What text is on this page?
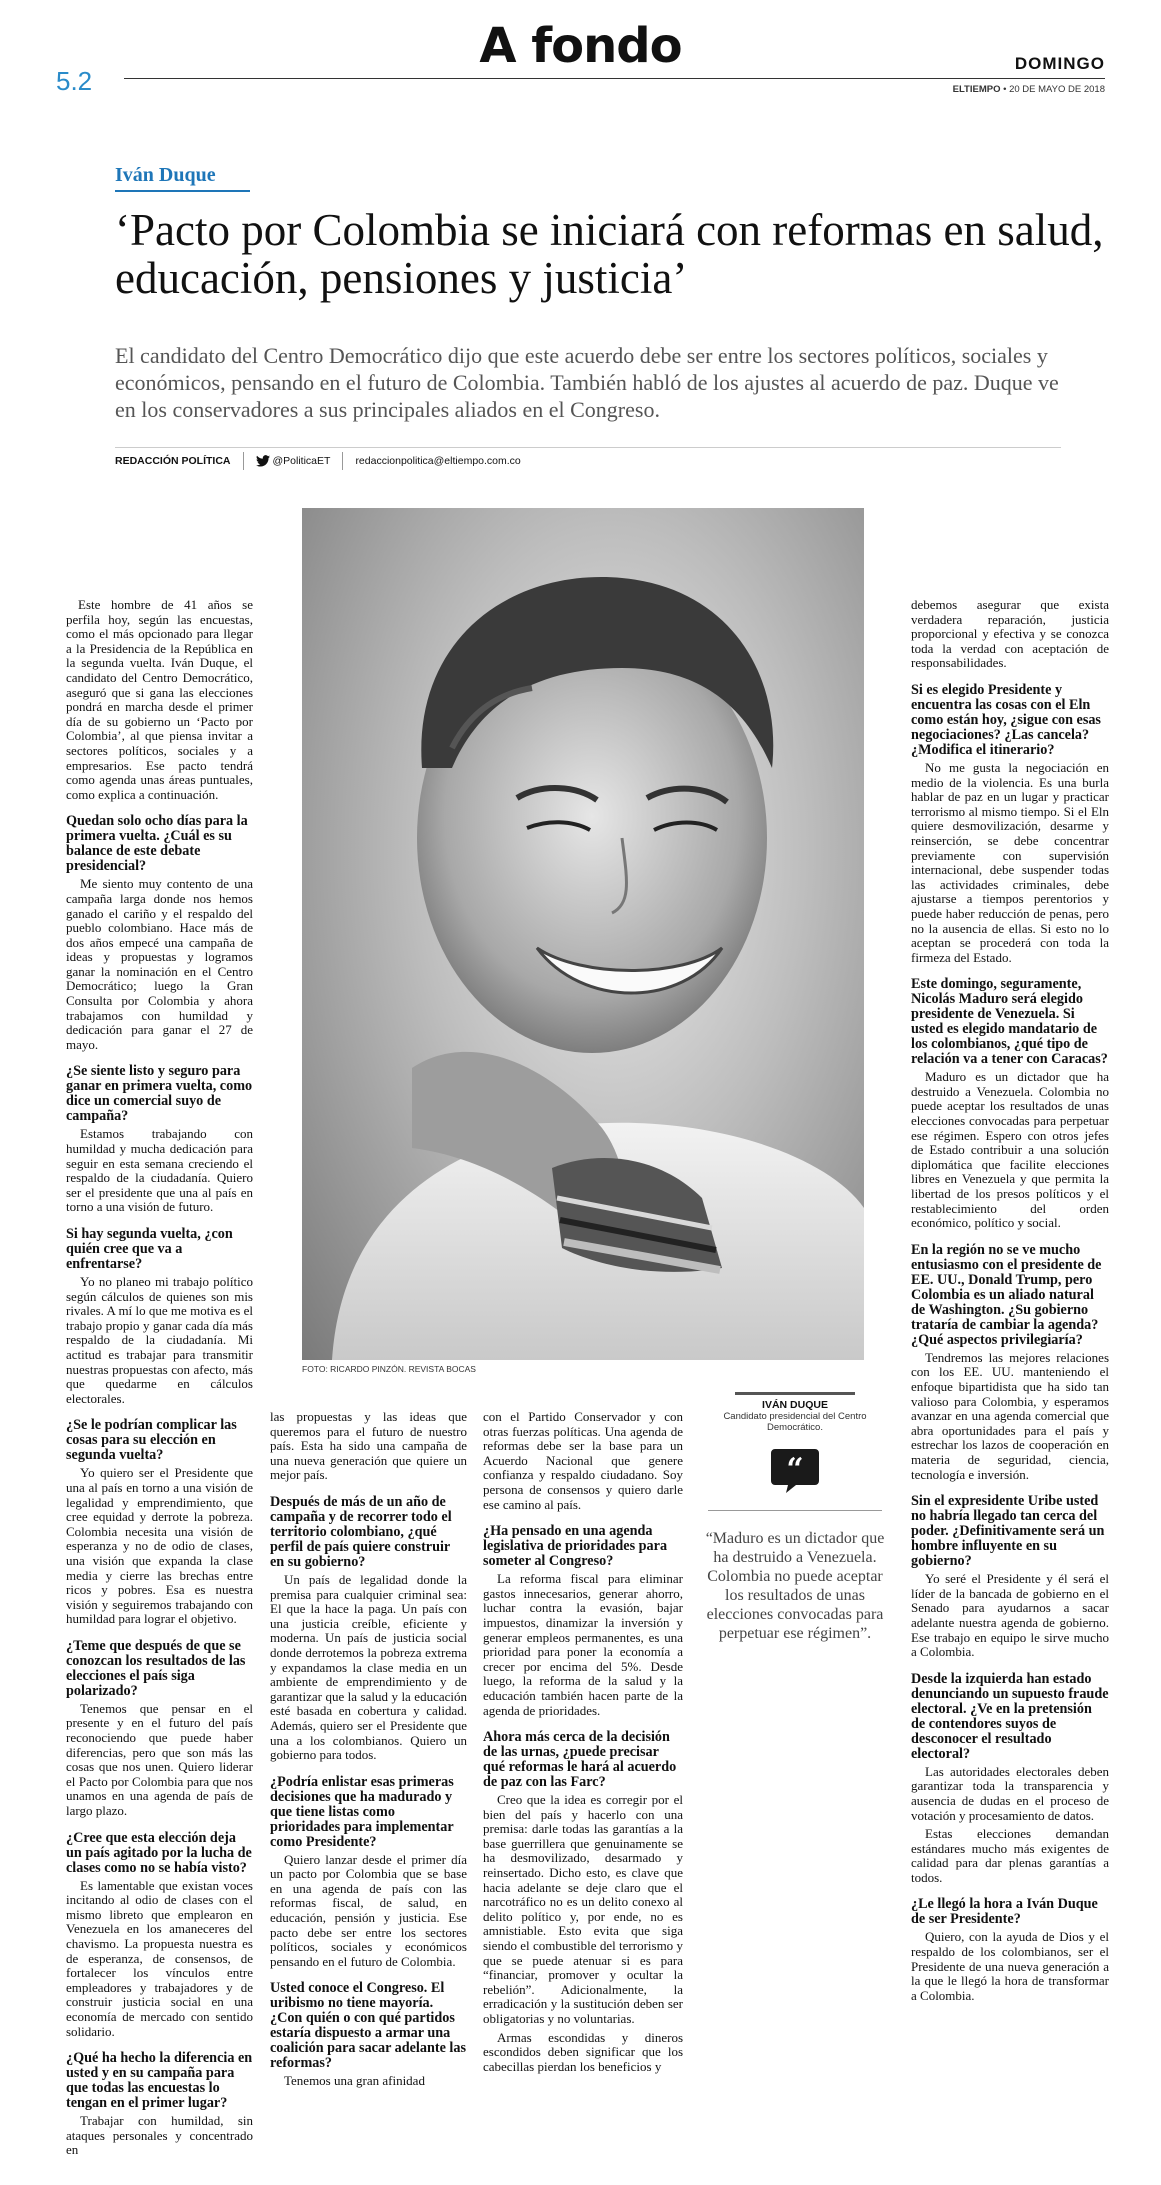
5.2
A fondo	DOMINGO
ELTIEMPO • 20 DE MAYO DE 2018
Iván Duque
‘Pacto por Colombia se iniciará con reformas en salud, educación, pensiones y justicia’
El candidato del Centro Democrático dijo que este acuerdo debe ser entre los sectores políticos, sociales y económicos, pensando en el futuro de Colombia. También habló de los ajustes al acuerdo de paz. Duque ve en los conservadores a sus principales aliados en el Congreso.
REDACCIÓN POLÍTICA	@PoliticaET redaccionpolitica@eltiempo.com.co
FOTO: RICARDO PINZÓN. REVISTA BOCAS

Este hombre de 41 años se perfila hoy, según las encuestas, como el más opcionado para llegar a la Presidencia de la República en la segunda vuelta. Iván Duque, el candidato del Centro Democrático, aseguró que si gana las elecciones pondrá en marcha desde el primer día de su gobierno un ‘Pacto por Colombia’, al que piensa invitar a sectores políticos, sociales y a empresarios. Ese pacto tendrá como agenda unas áreas puntuales, como explica a continuación.

Quedan solo ocho días para la primera vuelta. ¿Cuál es su balance de este debate presidencial?

Me siento muy contento de una campaña larga donde nos hemos ganado el cariño y el respaldo del pueblo colombiano. Hace más de dos años empecé una campaña de ideas y propuestas y logramos ganar la nominación en el Centro Democrático; luego la Gran Consulta por Colombia y ahora trabajamos con humildad y dedicación para ganar el 27 de mayo.

¿Se siente listo y seguro para ganar en primera vuelta, como dice un comercial suyo de campaña?

Estamos trabajando con humildad y mucha dedicación para seguir en esta semana creciendo el respaldo de la ciudadanía. Quiero ser el presidente que una al país en torno a una visión de futuro.

Si hay segunda vuelta, ¿con quién cree que va a enfrentarse?

Yo no planeo mi trabajo político según cálculos de quienes son mis rivales. A mí lo que me motiva es el trabajo propio y ganar cada día más respaldo de la ciudadanía. Mi actitud es trabajar para transmitir nuestras propuestas con afecto, más que quedarme en cálculos electorales.

¿Se le podrían complicar las cosas para su elección en segunda vuelta?

Yo quiero ser el Presidente que una al país en torno a una visión de legalidad y emprendimiento, que cree equidad y derrote la pobreza. Colombia necesita una visión de esperanza y no de odio de clases, una visión que expanda la clase media y cierre las brechas entre ricos y pobres. Esa es nuestra visión y seguiremos trabajando con humildad para lograr el objetivo.

¿Teme que después de que se conozcan los resultados de las elecciones el país siga polarizado?

Tenemos que pensar en el presente y en el futuro del país reconociendo que puede haber diferencias, pero que son más las cosas que nos unen. Quiero liderar el Pacto por Colombia para que nos unamos en una agenda de país de largo plazo.

¿Cree que esta elección deja un país agitado por la lucha de clases como no se había visto?

Es lamentable que existan voces incitando al odio de clases con el mismo libreto que emplearon en Venezuela en los amaneceres del chavismo. La propuesta nuestra es de esperanza, de consensos, de fortalecer los vínculos entre empleadores y trabajadores y de construir justicia social en una economía de mercado con sentido solidario.

¿Qué ha hecho la diferencia en usted y en su campaña para que todas las encuestas lo tengan en el primer lugar?

Trabajar con humildad, sin ataques personales y concentrado en

las propuestas y las ideas que queremos para el futuro de nuestro país. Esta ha sido una campaña de una nueva generación que quiere un mejor país.

Después de más de un año de campaña y de recorrer todo el territorio colombiano, ¿qué perfil de país quiere construir en su gobierno?

Un país de legalidad donde la premisa para cualquier criminal sea: El que la hace la paga. Un país con una justicia creíble, eficiente y moderna. Un país de justicia social donde derrotemos la pobreza extrema y expandamos la clase media en un ambiente de emprendimiento y de garantizar que la salud y la educación esté basada en cobertura y calidad. Además, quiero ser el Presidente que una a los colombianos. Quiero un gobierno para todos.

¿Podría enlistar esas primeras decisiones que ha madurado y que tiene listas como prioridades para implementar como Presidente?

Quiero lanzar desde el primer día un pacto por Colombia que se base en una agenda de país con las reformas fiscal, de salud, en educación, pensión y justicia. Ese pacto debe ser entre los sectores políticos, sociales y económicos pensando en el futuro de Colombia.

Usted conoce el Congreso. El uribismo no tiene mayoría. ¿Con quién o con qué partidos estaría dispuesto a armar una coalición para sacar adelante las reformas?

Tenemos una gran afinidad

con el Partido Conservador y con otras fuerzas políticas. Una agenda de reformas debe ser la base para un Acuerdo Nacional que genere confianza y respaldo ciudadano. Soy persona de consensos y quiero darle ese camino al país.

¿Ha pensado en una agenda legislativa de prioridades para someter al Congreso?

La reforma fiscal para eliminar gastos innecesarios, generar ahorro, luchar contra la evasión, bajar impuestos, dinamizar la inversión y generar empleos permanentes, es una prioridad para poner la economía a crecer por encima del 5%. Desde luego, la reforma de la salud y la educación también hacen parte de la agenda de prioridades.

Ahora más cerca de la decisión de las urnas, ¿puede precisar qué reformas le hará al acuerdo de paz con las Farc?

Creo que la idea es corregir por el bien del país y hacerlo con una premisa: darle todas las garantías a la base guerrillera que genuinamente se ha desmovilizado, desarmado y reinsertado. Dicho esto, es clave que hacia adelante se deje claro que el narcotráfico no es un delito conexo al delito político y, por ende, no es amnistiable. Esto evita que siga siendo el combustible del terrorismo y que se puede atenuar si es para “financiar, promover y ocultar la rebelión”. Adicionalmente, la erradicación y la sustitución deben ser obligatorias y no voluntarias.

Armas escondidas y dineros escondidos deben significar que los cabecillas pierdan los beneficios y

IVÁN DUQUE
Candidato presidencial del Centro Democrático.
“
“Maduro es un dictador que ha destruido a Venezuela. Colombia no puede aceptar los resultados de unas elecciones convocadas para perpetuar ese régimen”.

debemos asegurar que exista verdadera reparación, justicia proporcional y efectiva y se conozca toda la verdad con aceptación de responsabilidades.

Si es elegido Presidente y encuentra las cosas con el Eln como están hoy, ¿sigue con esas negociaciones? ¿Las cancela? ¿Modifica el itinerario?

No me gusta la negociación en medio de la violencia. Es una burla hablar de paz en un lugar y practicar terrorismo al mismo tiempo. Si el Eln quiere desmovilización, desarme y reinserción, se debe concentrar previamente con supervisión internacional, debe suspender todas las actividades criminales, debe ajustarse a tiempos perentorios y puede haber reducción de penas, pero no la ausencia de ellas. Si esto no lo aceptan se procederá con toda la firmeza del Estado.

Este domingo, seguramente, Nicolás Maduro será elegido presidente de Venezuela. Si usted es elegido mandatario de los colombianos, ¿qué tipo de relación va a tener con Caracas?

Maduro es un dictador que ha destruido a Venezuela. Colombia no puede aceptar los resultados de unas elecciones convocadas para perpetuar ese régimen. Espero con otros jefes de Estado contribuir a una solución diplomática que facilite elecciones libres en Venezuela y que permita la libertad de los presos políticos y el restablecimiento del orden económico, político y social.

En la región no se ve mucho entusiasmo con el presidente de EE. UU., Donald Trump, pero Colombia es un aliado natural de Washington. ¿Su gobierno trataría de cambiar la agenda? ¿Qué aspectos privilegiaría?

Tendremos las mejores relaciones con los EE. UU. manteniendo el enfoque bipartidista que ha sido tan valioso para Colombia, y esperamos avanzar en una agenda comercial que abra oportunidades para el país y estrechar los lazos de cooperación en materia de seguridad, ciencia, tecnología e inversión.

Sin el expresidente Uribe usted no habría llegado tan cerca del poder. ¿Definitivamente será un hombre influyente en su gobierno?

Yo seré el Presidente y él será el líder de la bancada de gobierno en el Senado para ayudarnos a sacar adelante nuestra agenda de gobierno. Ese trabajo en equipo le sirve mucho a Colombia.

Desde la izquierda han estado denunciando un supuesto fraude electoral. ¿Ve en la pretensión de contendores suyos de desconocer el resultado electoral?

Las autoridades electorales deben garantizar toda la transparencia y ausencia de dudas en el proceso de votación y procesamiento de datos.

Estas elecciones demandan estándares mucho más exigentes de calidad para dar plenas garantías a todos.

¿Le llegó la hora a Iván Duque de ser Presidente?

Quiero, con la ayuda de Dios y el respaldo de los colombianos, ser el Presidente de una nueva generación a la que le llegó la hora de transformar a Colombia.
